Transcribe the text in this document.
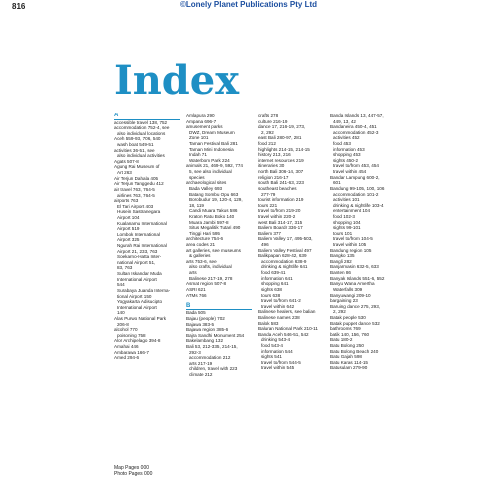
816	©Lonely Planet Publications Pty Ltd
Index
A
accessible travel 138, 752
accommodation 752-4, see
also individual locations
Aceh 559-93, 706, 540
wash boat 549-51
activities 36-51, see
also individual activities
Agats 507-8
Agung Rai Museum of
Art 263
Air Terjun Dahala 405
Air Terjun Tanggedu 412
air travel 763, 764-5
airlines 763, 764-5
airports 763
El Tari Airport 403
Husein Sastranegara
Airport 104
Kualanamu International
Airport 519
Lombok International
Airport 325
Ngurah Rai International
Airport 21, 233, 763
Soekarno-Hatta Inter-
national Airport 51,
83, 763
Sultan Iskandar Muda
International Airport
544
Surabaya Juanda Interna-
tional Airport 150
Yogyakarta Adisucipto
International Airport
140
Alas Purwo National Park
206-8
alcohol 770
poisoning 758
Alor Archipelago 394-8
Amahai 446
Ambarawa 166-7
Amed 294-6
Amlapura 290
Ampana 696-7
amusement parks
DWZ, Dream Museum
Zone 101
Taman Festival Bali 281
Taman Mini Indonesia
Indah 71
Waterbom Park 224
animals 21, 469-9, 592, 774
5, see also individual
species
archaeological sites
Bada Valley 693
Batang Sombu Opu 663
Borobudur 19, 120-4, 129,
18, 119
Candi Muara Takus 586
Kraton Ratu Boko 140
Muara Jambi 597-8
Situs Megalitik Tutari 490
Tinggi Hari 595
architecture 754-6
area codes 21
art galleries, see museums
& galleries
arts 753-6, see
also crafts, individual
arts
Balinese 217-19, 278
Asmat region 507-8
ASRI 621
ATMs 766

B
Bada 505
Bajau (people) 702
Bajawa 383-5
Bajawa region 385-6
Bajra Sandhi Monument 254
Bakelambang 132
Bali 53, 212-335, 214-15,
292-3
accommodation 212
arts 217-19
children, travel with 223
climate 212
crafts 278
culture 216-19
dance 17, 216-19, 273,
2, 292
east Bali 280-97, 281
food 212
highlights 214-15, 214-15
history 213, 216
internet resources 219
itineraries 30
north Bali 306-14, 307
religion 216-17
south Bali 241-63, 223
southeast beaches
277-79
tourist information 219
tours 221
travel to/from 219-20
travel within 220-2
west Bali 314-17, 315
Baliem Boardr 336-17
Baliem 377
Baliem Valley 17, 495-503,
496
Baliem Valley Festival 497
Balikpapan 628-42, 639
accommodation 638-9
drinking & nightlife 641
food 639-41
information 641
shopping 641
sights 638
tours 638
travel to/from 641-2
travel within 642
Balinese healers, see balian
Balinese names 238
Balok 583
Baluran National Park 210-11
Banda Aceh 546-51, 542
drinking 543-4
food 543-4
information 544
sights 541
travel to/from 544-5
travel within 545
Banda Islands 13, 447-57,
449, 13, 42
Bandaneira 450-4, 451
accommodation 452-3
activities 452
food 453
information 453
shopping 453
sights 450-2
travel to/from 453, 454
travel within 454
Bandar Lampung 600-2,
601
Bandung 99-105, 100, 106
accommodation 101-2
activities 101
drinking & nightlife 103-4
entertainment 104
food 102-3
shopping 104
sights 99-101
tours 101
travel to/from 104-5
travel within 105
Bandung region 105
Bangko 135
Bangli 282
Banjarmasin 632-5, 633
Banten 86
Banyak Islands 551-6, 552
Banyu Wana Amertha
Waterfalls 309
Banyuwangi 209-10
bargaining 23
Baruing dance 275, 293,
2, 292
Batak people 530
Batak puppet dance 532
bathrooms 769
batik 140, 156, 760
Batu 180-2
Batu Bolong 250
Batu Bolong Beach 240
Batu Gajah 598
Batu Karas 114-15
Batusulam 279-90
Map Pages 000
Photo Pages 000
